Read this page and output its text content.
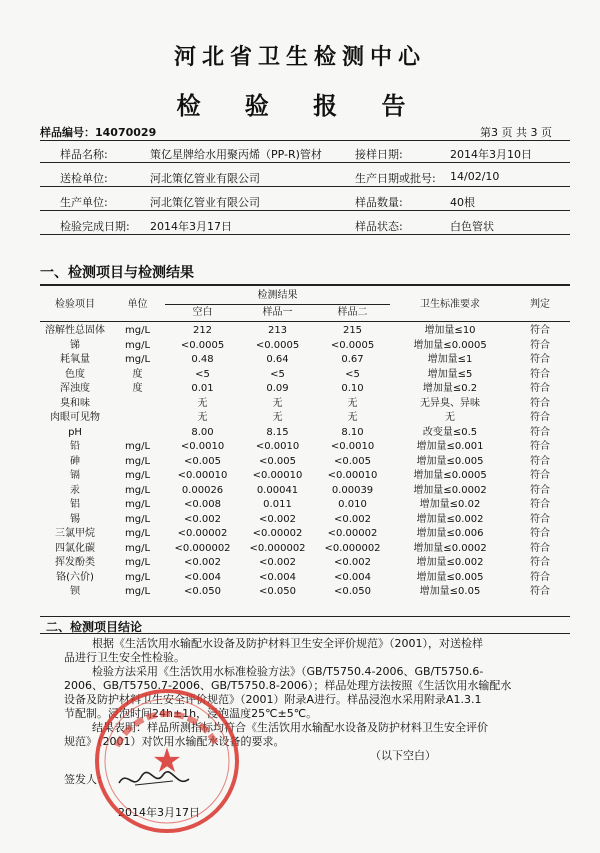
河北省卫生检测中心
检 验 报 告
样品编号：14070029	第3 页 共 3 页
样品名称:	策亿星牌给水用聚丙烯（PP-R)管材	接样日期:	2014年3月10日
送检单位:	河北策亿管业有限公司	生产日期或批号: 14/02/10
生产单位:	河北策亿管业有限公司	样品数量:	40根
检验完成日期: 2014年3月17日	样品状态:	白色管状
一、检测项目与检测结果
检验项目	单位	检测结果			卫生标准要求	判定
		空白	样品一	样品二		

溶解性总固体	mg/L	212	213	215	增加量≤10	符合
锑	mg/L	<0.0005	<0.0005	<0.0005	增加量≤0.0005	符合
耗氧量	mg/L	0.48	0.64	0.67	增加量≤1	符合
色度	度	<5	<5	<5	增加量≤5	符合
浑浊度	度	0.01	0.09	0.10	增加量≤0.2	符合
臭和味		无	无	无	无异臭、异味	符合
肉眼可见物		无	无	无	无	符合
pH		8.00	8.15	8.10	改变量≤0.5	符合
铅	mg/L	<0.0010	<0.0010	<0.0010	增加量≤0.001	符合
砷	mg/L	<0.005	<0.005	<0.005	增加量≤0.005	符合
镉	mg/L	<0.00010	<0.00010	<0.00010	增加量≤0.0005	符合
汞	mg/L	0.00026	0.00041	0.00039	增加量≤0.0002	符合
铝	mg/L	<0.008	0.011	0.010	增加量≤0.02	符合
锡	mg/L	<0.002	<0.002	<0.002	增加量≤0.002	符合
三氯甲烷	mg/L	<0.00002	<0.00002	<0.00002	增加量≤0.006	符合
四氯化碳	mg/L	<0.000002	<0.000002	<0.000002	增加量≤0.0002	符合
挥发酚类	mg/L	<0.002	<0.002	<0.002	增加量≤0.002	符合
铬(六价)	mg/L	<0.004	<0.004	<0.004	增加量≤0.005	符合
钡	mg/L	<0.050	<0.050	<0.050	增加量≤0.05	符合
二、检测项目结论
根据《生活饮用水输配水设备及防护材料卫生安全评价规范》（2001），对送检样
品进行卫生安全性检验。
检验方法采用《生活饮用水标准检验方法》（GB/T5750.4-2006、GB/T5750.6-
2006、GB/T5750.7-2006、GB/T5750.8-2006）；样品处理方法按照《生活饮用水输配水
设备及防护材料卫生安全评价规范》（2001）附录A进行。样品浸泡水采用附录A1.3.1
节配制。浸泡时间24h±1h，浸泡温度25℃±5℃。
结果表明：样品所测指标均符合《生活饮用水输配水设备及防护材料卫生安全评价
规范》（2001）对饮用水输配水设备的要求。
（以下空白）
签发人：
2014年3月17日
★
